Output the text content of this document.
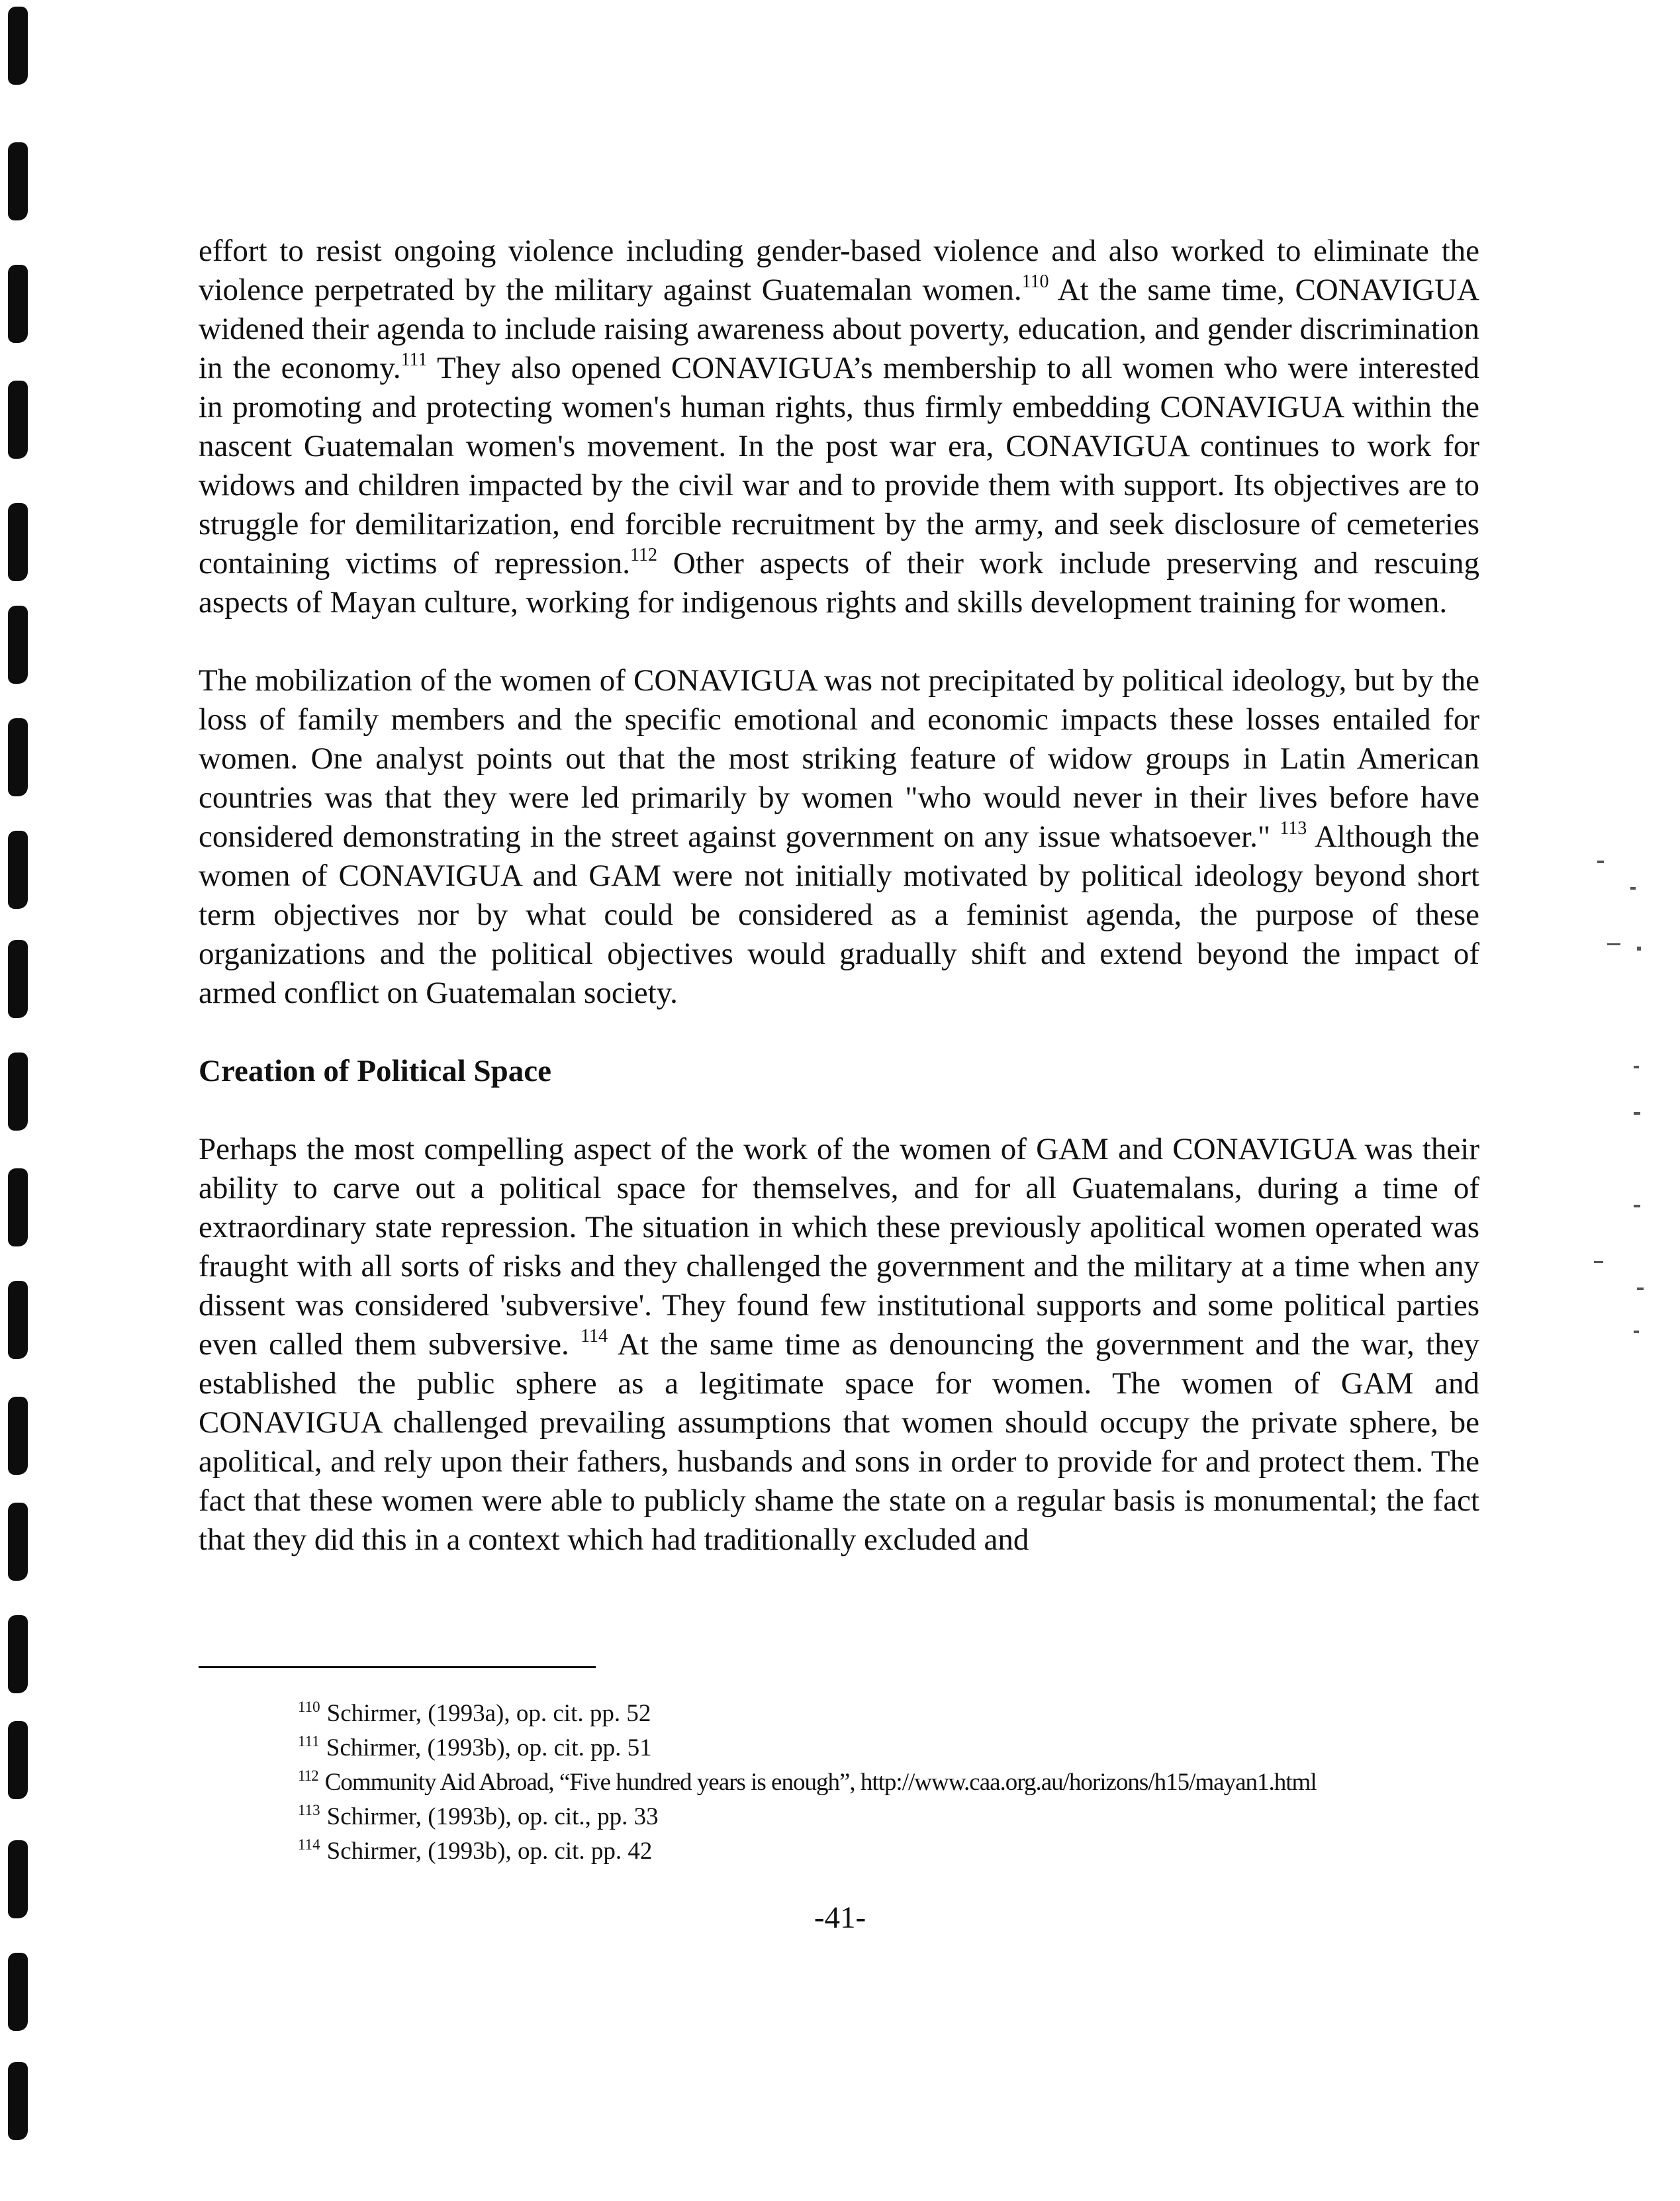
effort to resist ongoing violence including gender-based violence and also worked to eliminate the violence perpetrated by the military against Guatemalan women.$^{110}$ At the same time, CONAVIGUA widened their agenda to include raising awareness about poverty, education, and gender discrimination in the economy.$^{111}$ They also opened CONAVIGUA’s membership to all women who were interested in promoting and protecting women's human rights, thus firmly embedding CONAVIGUA within the nascent Guatemalan women's movement. In the post war era, CONAVIGUA continues to work for widows and children impacted by the civil war and to provide them with support. Its objectives are to struggle for demilitarization, end forcible recruitment by the army, and seek disclosure of cemeteries containing victims of repression.$^{112}$ Other aspects of their work include preserving and rescuing aspects of Mayan culture, working for indigenous rights and skills development training for women.

The mobilization of the women of CONAVIGUA was not precipitated by political ideology, but by the loss of family members and the specific emotional and economic impacts these losses entailed for women. One analyst points out that the most striking feature of widow groups in Latin American countries was that they were led primarily by women "who would never in their lives before have considered demonstrating in the street against government on any issue whatsoever." $^{113}$ Although the women of CONAVIGUA and GAM were not initially motivated by political ideology beyond short term objectives nor by what could be considered as a feminist agenda, the purpose of these organizations and the political objectives would gradually shift and extend beyond the impact of armed conflict on Guatemalan society.

Creation of Political Space

Perhaps the most compelling aspect of the work of the women of GAM and CONAVIGUA was their ability to carve out a political space for themselves, and for all Guatemalans, during a time of extraordinary state repression. The situation in which these previously apolitical women operated was fraught with all sorts of risks and they challenged the government and the military at a time when any dissent was considered 'subversive'. They found few institutional supports and some political parties even called them subversive. $^{114}$ At the same time as denouncing the government and the war, they established the public sphere as a legitimate space for women. The women of GAM and CONAVIGUA challenged prevailing assumptions that women should occupy the private sphere, be apolitical, and rely upon their fathers, husbands and sons in order to provide for and protect them. The fact that these women were able to publicly shame the state on a regular basis is monumental; the fact that they did this in a context which had traditionally excluded and

$^{110}$ Schirmer, (1993a), op. cit. pp. 52
$^{111}$ Schirmer, (1993b), op. cit. pp. 51
$^{112}$ Community Aid Abroad, “Five hundred years is enough”, http://www.caa.org.au/horizons/h15/mayan1.html
$^{113}$ Schirmer, (1993b), op. cit., pp. 33
$^{114}$ Schirmer, (1993b), op. cit. pp. 42
-41-
